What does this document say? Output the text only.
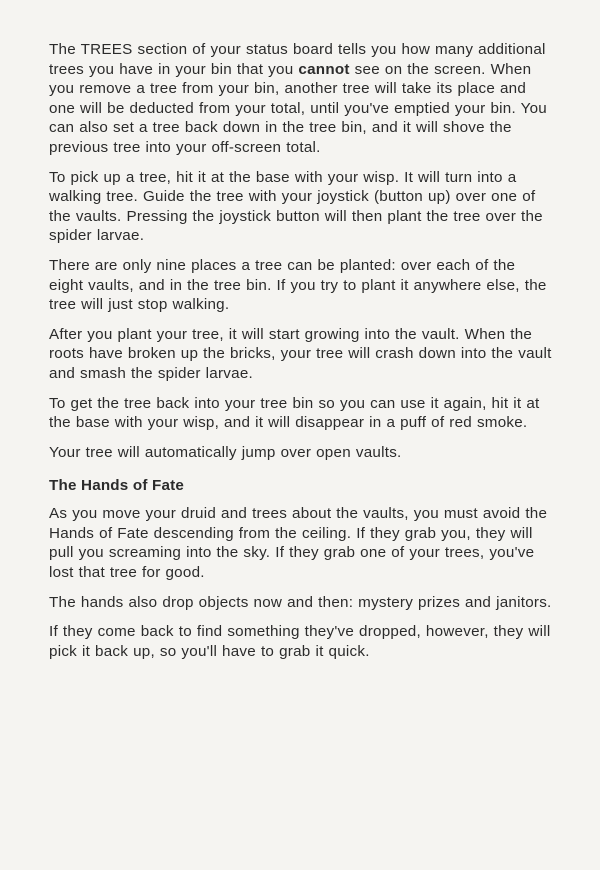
The TREES section of your status board tells you how many additional trees you have in your bin that you cannot see on the screen. When you remove a tree from your bin, another tree will take its place and one will be deducted from your total, until you've emptied your bin. You can also set a tree back down in the tree bin, and it will shove the previous tree into your off-screen total.

To pick up a tree, hit it at the base with your wisp. It will turn into a walking tree. Guide the tree with your joystick (button up) over one of the vaults. Pressing the joystick button will then plant the tree over the spider larvae.

There are only nine places a tree can be planted: over each of the eight vaults, and in the tree bin. If you try to plant it anywhere else, the tree will just stop walking.

After you plant your tree, it will start growing into the vault. When the roots have broken up the bricks, your tree will crash down into the vault and smash the spider larvae.

To get the tree back into your tree bin so you can use it again, hit it at the base with your wisp, and it will disappear in a puff of red smoke.

Your tree will automatically jump over open vaults.

The Hands of Fate

As you move your druid and trees about the vaults, you must avoid the Hands of Fate descending from the ceiling. If they grab you, they will pull you screaming into the sky. If they grab one of your trees, you've lost that tree for good.

The hands also drop objects now and then: mystery prizes and janitors.

If they come back to find something they've dropped, however, they will pick it back up, so you'll have to grab it quick.
